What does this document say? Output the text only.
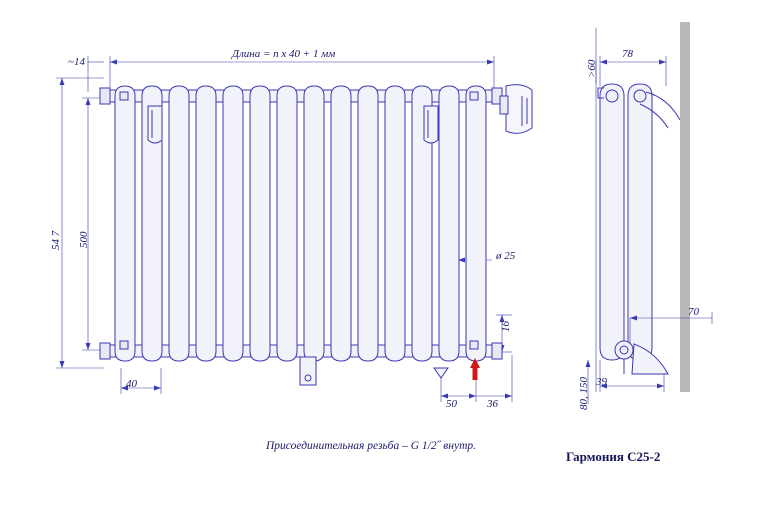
Длина = n x 40 + 1 мм
~14
54 7 500
40
ø 25
16
50	36
Присоединительная резьба – G 1/2˝ внутр.
>60
78
70
39
80, 150
Гармония С25-2
